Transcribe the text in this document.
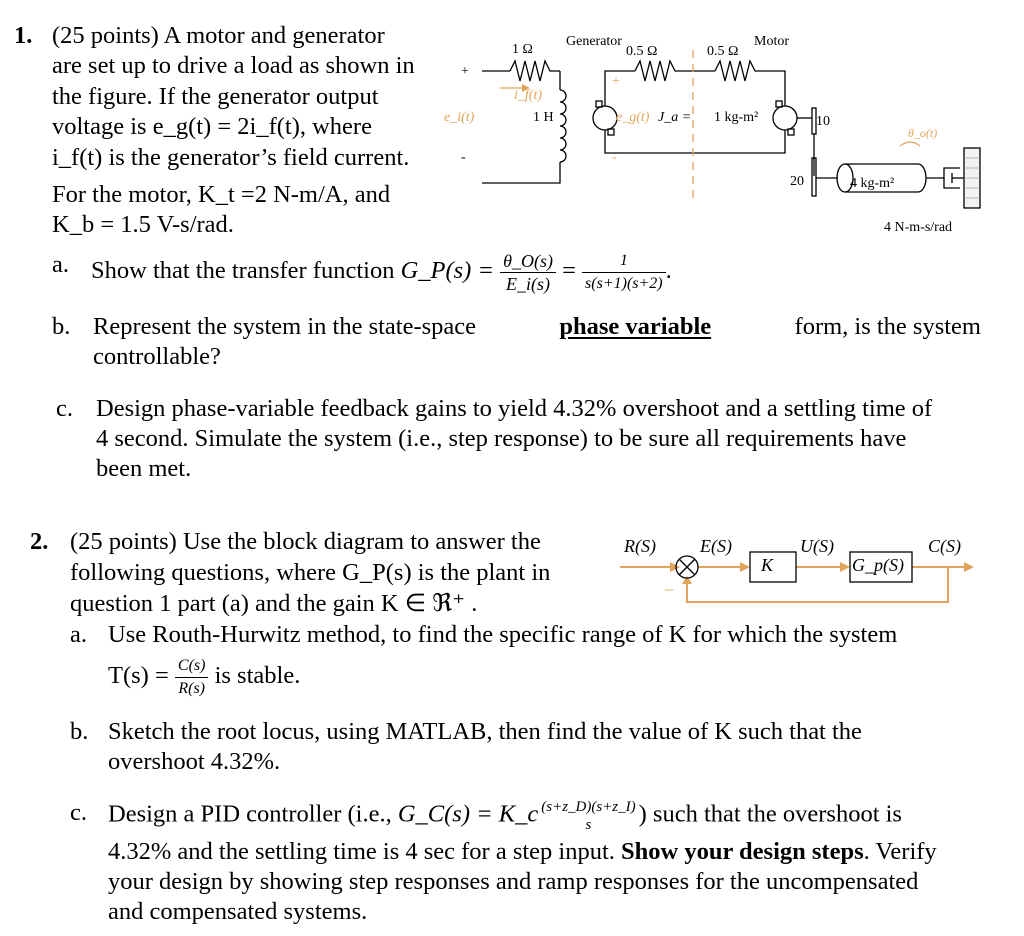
1. (25 points) A motor and generator
are set up to drive a load as shown in
the figure. If the generator output
voltage is e_g(t) = 2i_f(t), where
i_f(t) is the generator’s field current.
For the motor, K_t =2 N-m/A, and
K_b = 1.5 V-s/rad.
a. Show that the transfer function G_P(s) = $\frac{\theta\_O(s)}{E\_i(s)} = \frac{1}{s(s+1)(s+2)}$ .
b. Represent the system in the state-space	phase variable	form, is the system
controllable?
c. Design phase-variable feedback gains to yield 4.32% overshoot and a settling time of
4 second. Simulate the system (i.e., step response) to be sure all requirements have
been met.
1 Ω
Generator
0.5 Ω
Motor
0.5 Ω
+
+
-	-
i_f(t)
e_i(t)	1 H	e_g(t) J_a = 1 kg-m²	10
θ_o(t)
20	4 kg-m²
4 N-m-s/rad
2. (25 points) Use the block diagram to answer the
following questions, where G_P(s) is the plant in
question 1 part (a) and the gain K ∈ ℜ⁺ .
R(S) E(S)	U(S)	C(S)
K	G_p(S)
−
a. Use Routh-Hurwitz method, to find the specific range of K for which the system
$T(s) = \frac{C(s)}{R(s)}$ is stable.
b. Sketch the root locus, using MATLAB, then find the value of K such that the
overshoot 4.32%.
c. Design a PID controller (i.e., G_C(s) = K_c (s+z_D)(s+z_I)
s	) such that the overshoot is
4.32% and the settling time is 4 sec for a step input. Show your design steps. Verify
your design by showing step responses and ramp responses for the uncompensated
and compensated systems.
